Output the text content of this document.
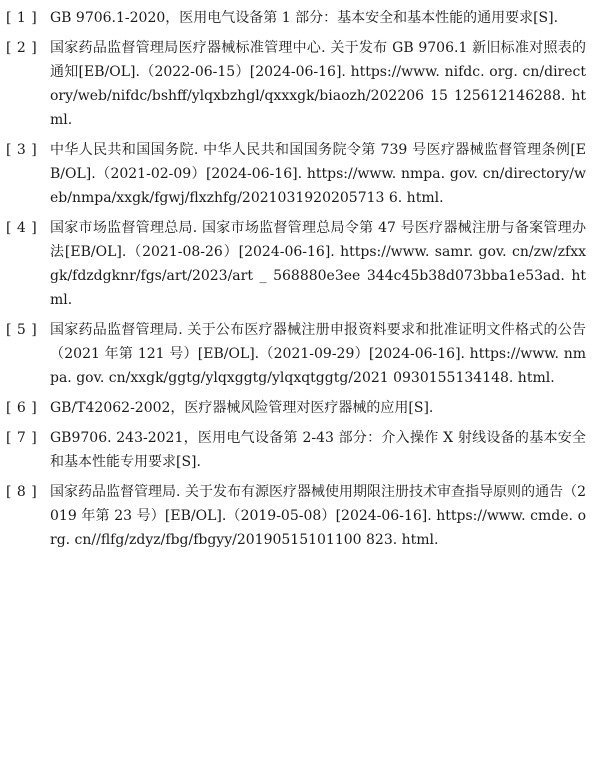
[ 1 ] GB 9706.1-2020，医用电气设备第 1 部分：基本安全和基本性能的通用要求[S].
[ 2 ] 国家药品监督管理局医疗器械标准管理中心. 关于发布 GB 9706.1 新旧标准对照表的通知[EB/OL].（2022-06-15）[2024-06-16]. https://www. nifdc. org. cn/directory/web/nifdc/bshff/ylqxbzhgl/qxxxgk/biaozh/202206 15 125612146288. html.
[ 3 ] 中华人民共和国国务院. 中华人民共和国国务院令第 739 号医疗器械监督管理条例[EB/OL].（2021-02-09）[2024-06-16]. https://www. nmpa. gov. cn/directory/web/nmpa/xxgk/fgwj/flxzhfg/2021031920205713 6. html.
[ 4 ] 国家市场监督管理总局. 国家市场监督管理总局令第 47 号医疗器械注册与备案管理办法[EB/OL].（2021-08-26）[2024-06-16]. https://www. samr. gov. cn/zw/zfxxgk/fdzdgknr/fgs/art/2023/art _ 568880e3ee 344c45b38d073bba1e53ad. html.
[ 5 ] 国家药品监督管理局. 关于公布医疗器械注册申报资料要求和批准证明文件格式的公告（2021 年第 121 号）[EB/OL].（2021-09-29）[2024-06-16]. https://www. nmpa. gov. cn/xxgk/ggtg/ylqxggtg/ylqxqtggtg/2021 0930155134148. html.
[ 6 ] GB/T42062-2002，医疗器械风险管理对医疗器械的应用[S].
[ 7 ] GB9706. 243-2021，医用电气设备第 2-43 部分：介入操作 X 射线设备的基本安全和基本性能专用要求[S].
[ 8 ] 国家药品监督管理局. 关于发布有源医疗器械使用期限注册技术审查指导原则的通告（2019 年第 23 号）[EB/OL].（2019-05-08）[2024-06-16]. https://www. cmde. org. cn//flfg/zdyz/fbg/fbgyy/20190515101100 823. html.
